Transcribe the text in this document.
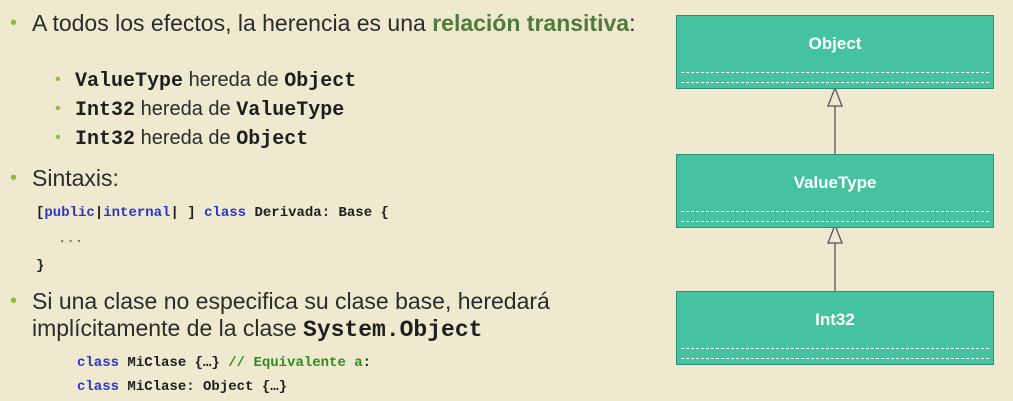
• A todos los efectos, la herencia es una relación transitiva:
• ValueType hereda de Object
• Int32 hereda de ValueType
• Int32 hereda de Object
• Sintaxis:
[public|internal| ] class Derivada: Base {
...
}
• Si una clase no especifica su clase base, heredará
implícitamente de la clase System.Object
class MiClase {…} // Equivalente a:
class MiClase: Object {…}
Object
ValueType
Int32
